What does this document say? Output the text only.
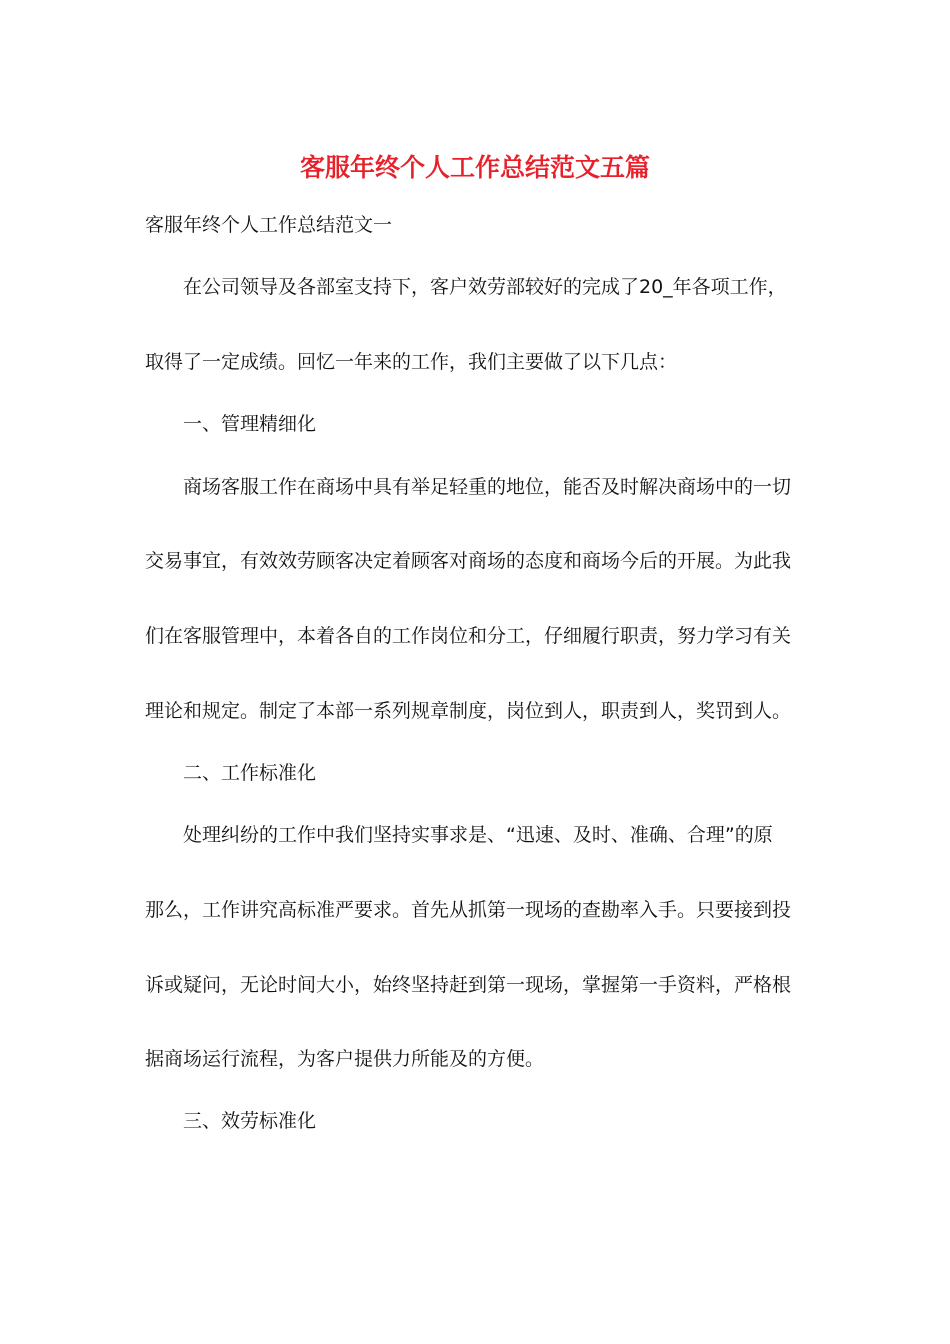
客服年终个人工作总结范文五篇

客服年终个人工作总结范文一

在公司领导及各部室支持下，客户效劳部较好的完成了20_年各项工作，

取得了一定成绩。回忆一年来的工作，我们主要做了以下几点：

一、管理精细化

商场客服工作在商场中具有举足轻重的地位，能否及时解决商场中的一切

交易事宜，有效效劳顾客决定着顾客对商场的态度和商场今后的开展。为此我

们在客服管理中，本着各自的工作岗位和分工，仔细履行职责，努力学习有关

理论和规定。制定了本部一系列规章制度，岗位到人，职责到人，奖罚到人。

二、工作标准化

处理纠纷的工作中我们坚持实事求是、“迅速、及时、准确、合理”的原

那么，工作讲究高标准严要求。首先从抓第一现场的查勘率入手。只要接到投

诉或疑问，无论时间大小，始终坚持赶到第一现场，掌握第一手资料，严格根

据商场运行流程，为客户提供力所能及的方便。

三、效劳标准化
